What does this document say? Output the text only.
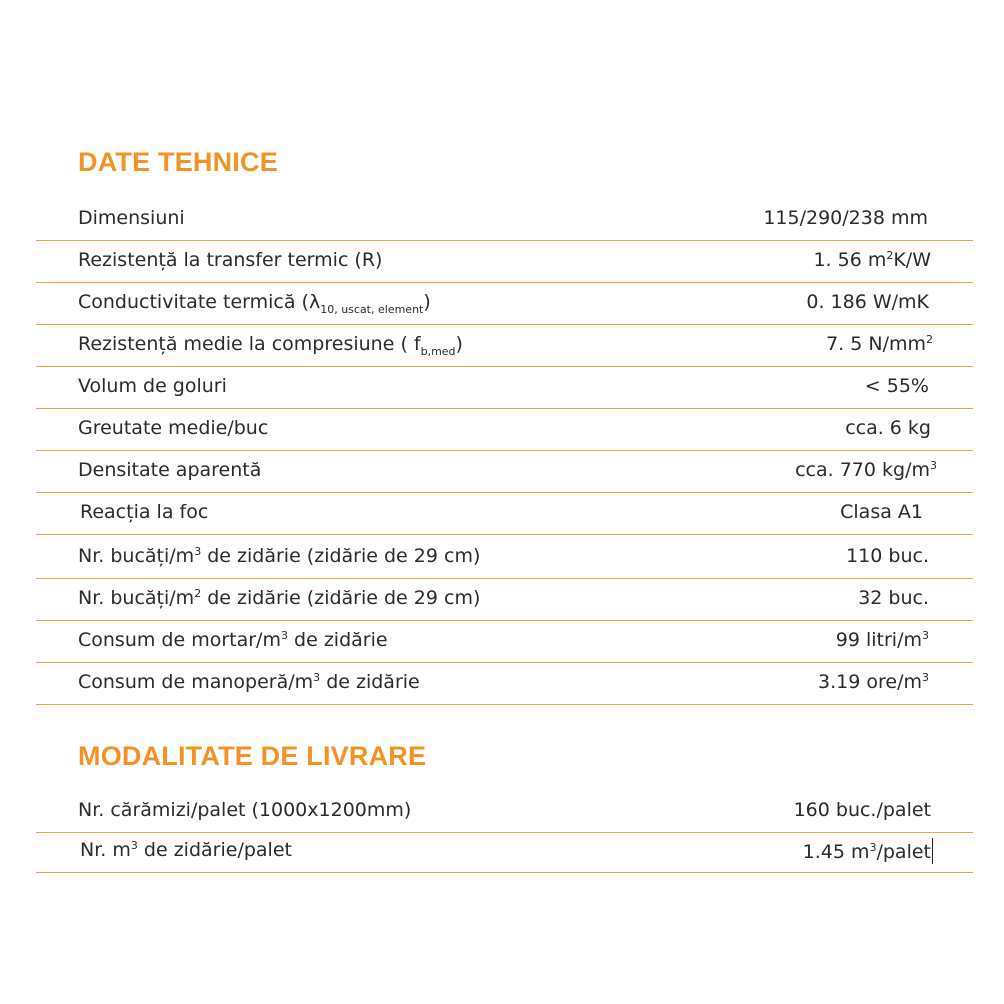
DATE TEHNICE
Dimensiuni	115/290/238 mm
Rezistență la transfer termic (R)	1. 56 $m^2K/W$
Conductivitate termică $(\lambda_{10, uscat, element})$	0. 186 W/mK
Rezistență medie la compresiune ( $f_{b,med}$)	7. 5 $N/mm^2$
Volum de goluri	< 55%
Greutate medie/buc	cca. 6 kg
Densitate aparentă	cca. 770 $kg/m^3$
Reacția la foc	Clasa A1
Nr. bucăți/$m^3$ de zidărie (zidărie de 29 cm)	110 buc.
Nr. bucăți/$m^2$ de zidărie (zidărie de 29 cm)	32 buc.
Consum de mortar/$m^3$ de zidărie	99 litri/$m^3$
Consum de manoperă/$m^3$ de zidărie	3.19 ore/$m^3$
MODALITATE DE LIVRARE
Nr. cărămizi/palet (1000x1200mm)	160 buc./palet
Nr. $m^3$ de zidărie/palet	1.45 $m^3$/palet
